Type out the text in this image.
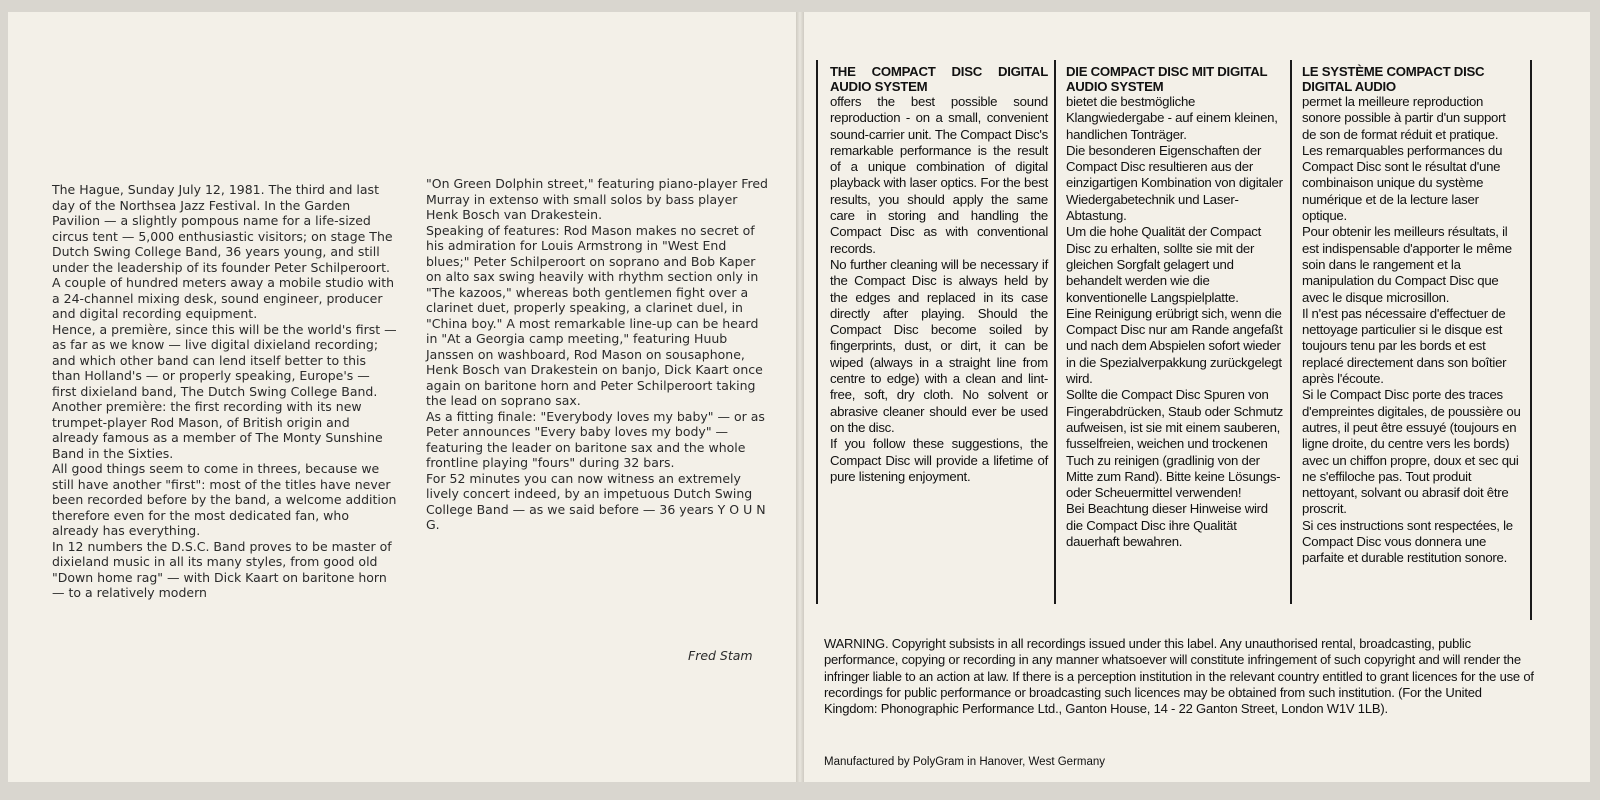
The Hague, Sunday July 12, 1981. The third and last day of the Northsea Jazz Festival. In the Garden Pavilion — a slightly pompous name for a life-sized circus tent — 5,000 enthusiastic visitors; on stage The Dutch Swing College Band, 36 years young, and still under the leadership of its founder Peter Schilperoort.

A couple of hundred meters away a mobile studio with a 24-channel mixing desk, sound engineer, producer and digital recording equipment.

Hence, a première, since this will be the world's first — as far as we know — live digital dixieland recording; and which other band can lend itself better to this than Holland's — or properly speaking, Europe's — first dixieland band, The Dutch Swing College Band.

Another première: the first recording with its new trumpet-player Rod Mason, of British origin and already famous as a member of The Monty Sunshine Band in the Sixties.

All good things seem to come in threes, because we still have another "first": most of the titles have never been recorded before by the band, a welcome addition therefore even for the most dedicated fan, who already has everything.

In 12 numbers the D.S.C. Band proves to be master of dixieland music in all its many styles, from good old "Down home rag" — with Dick Kaart on baritone horn — to a relatively modern

"On Green Dolphin street," featuring piano-player Fred Murray in extenso with small solos by bass player Henk Bosch van Drakestein.

Speaking of features: Rod Mason makes no secret of his admiration for Louis Armstrong in "West End blues;" Peter Schilperoort on soprano and Bob Kaper on alto sax swing heavily with rhythm section only in "The kazoos," whereas both gentlemen fight over a clarinet duet, properly speaking, a clarinet duel, in "China boy." A most remarkable line-up can be heard in "At a Georgia camp meeting," featuring Huub Janssen on washboard, Rod Mason on sousaphone, Henk Bosch van Drakestein on banjo, Dick Kaart once again on baritone horn and Peter Schilperoort taking the lead on soprano sax.

As a fitting finale: "Everybody loves my baby" — or as Peter announces "Every baby loves my body" — featuring the leader on baritone sax and the whole frontline playing "fours" during 32 bars.

For 52 minutes you can now witness an extremely lively concert indeed, by an impetuous Dutch Swing College Band — as we said before — 36 years Y O U N G.

Fred Stam
THE COMPACT DISC DIGITAL AUDIO SYSTEM

offers the best possible sound reproduction - on a small, convenient sound-carrier unit. The Compact Disc's remarkable performance is the result of a unique combination of digital playback with laser optics. For the best results, you should apply the same care in storing and handling the Compact Disc as with conventional records.

No further cleaning will be necessary if the Compact Disc is always held by the edges and replaced in its case directly after playing. Should the Compact Disc become soiled by fingerprints, dust, or dirt, it can be wiped (always in a straight line from centre to edge) with a clean and lint-free, soft, dry cloth. No solvent or abrasive cleaner should ever be used on the disc.

If you follow these suggestions, the Compact Disc will provide a lifetime of pure listening enjoyment.

DIE COMPACT DISC MIT DIGITAL AUDIO SYSTEM

bietet die bestmögliche Klangwiedergabe - auf einem kleinen, handlichen Tonträger.

Die besonderen Eigenschaften der Compact Disc resultieren aus der einzigartigen Kombination von digitaler Wiedergabetechnik und Laser-Abtastung.

Um die hohe Qualität der Compact Disc zu erhalten, sollte sie mit der gleichen Sorgfalt gelagert und behandelt werden wie die konventionelle Langspielplatte.

Eine Reinigung erübrigt sich, wenn die Compact Disc nur am Rande angefaßt und nach dem Abspielen sofort wieder in die Spezialverpakkung zurückgelegt wird.

Sollte die Compact Disc Spuren von Fingerabdrücken, Staub oder Schmutz aufweisen, ist sie mit einem sauberen, fusselfreien, weichen und trockenen Tuch zu reinigen (gradlinig von der Mitte zum Rand). Bitte keine Lösungs- oder Scheuermittel verwenden!

Bei Beachtung dieser Hinweise wird die Compact Disc ihre Qualität dauerhaft bewahren.

LE SYSTÈME COMPACT DISC DIGITAL AUDIO

permet la meilleure reproduction sonore possible à partir d'un support de son de format réduit et pratique.

Les remarquables performances du Compact Disc sont le résultat d'une combinaison unique du système numérique et de la lecture laser optique.

Pour obtenir les meilleurs résultats, il est indispensable d'apporter le même soin dans le rangement et la manipulation du Compact Disc que avec le disque microsillon.

Il n'est pas nécessaire d'effectuer de nettoyage particulier si le disque est toujours tenu par les bords et est replacé directement dans son boîtier après l'écoute.

Si le Compact Disc porte des traces d'empreintes digitales, de poussière ou autres, il peut être essuyé (toujours en ligne droite, du centre vers les bords) avec un chiffon propre, doux et sec qui ne s'effiloche pas. Tout produit nettoyant, solvant ou abrasif doit être proscrit.

Si ces instructions sont respectées, le Compact Disc vous donnera une parfaite et durable restitution sonore.

WARNING. Copyright subsists in all recordings issued under this label. Any unauthorised rental, broadcasting, public performance, copying or recording in any manner whatsoever will constitute infringement of such copyright and will render the infringer liable to an action at law. If there is a perception institution in the relevant country entitled to grant licences for the use of recordings for public performance or broadcasting such licences may be obtained from such institution. (For the United Kingdom: Phonographic Performance Ltd., Ganton House, 14 - 22 Ganton Street, London W1V 1LB).
Manufactured by PolyGram in Hanover, West Germany
